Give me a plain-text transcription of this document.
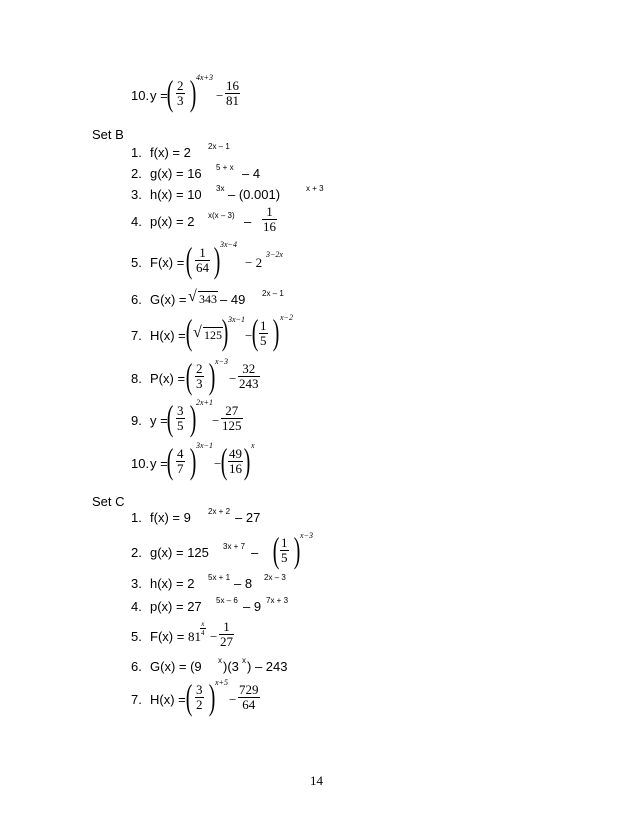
10. y =
( $\frac{2}{3}$ ) 4x+3
− $\frac{16}{81}$
Set B
1. f(x) = 2 2x – 1
2. g(x) = 16 5 + x – 4
3. h(x) = 10 3x – (0.001)	x + 3
4. p(x) = 2 $x(x - 3) - \frac{1}{16}$
5. F(x) = ( $\frac{1}{64}$ ) 3x−4
− 2
3−2x
6. G(x) = √ 343 – 49 2x – 1
7. H(x) = ( √ 125 ) 3x−1
− ( $\frac{1}{5}$ ) x−2
8. P(x) = ( $\frac{2}{3}$ ) x−3
− $\frac{32}{243}$
9. y =
( $\frac{3}{5}$ ) 2x+1
− $\frac{27}{125}$
10. y =
( $\frac{4}{7}$ ) 3x−1
− ( $\frac{49}{16}$ ) x
Set C
1. f(x) = 9 2x + 2 – 27
2. g(x) = 125 3x + 7 – ( $\frac{1}{5}$ ) x−3
3. h(x) = 2 5x + 1 – 8 2x – 3
4. p(x) = 27 5x – 6 – 9 7x + 3
5. $F(x) = 81 \frac{x}{4} - \frac{1}{27}$
6. G(x) = (9 x )(3 x ) – 243
7. H(x) = ( $\frac{3}{2}$ ) x+5
− $\frac{729}{64}$
14
